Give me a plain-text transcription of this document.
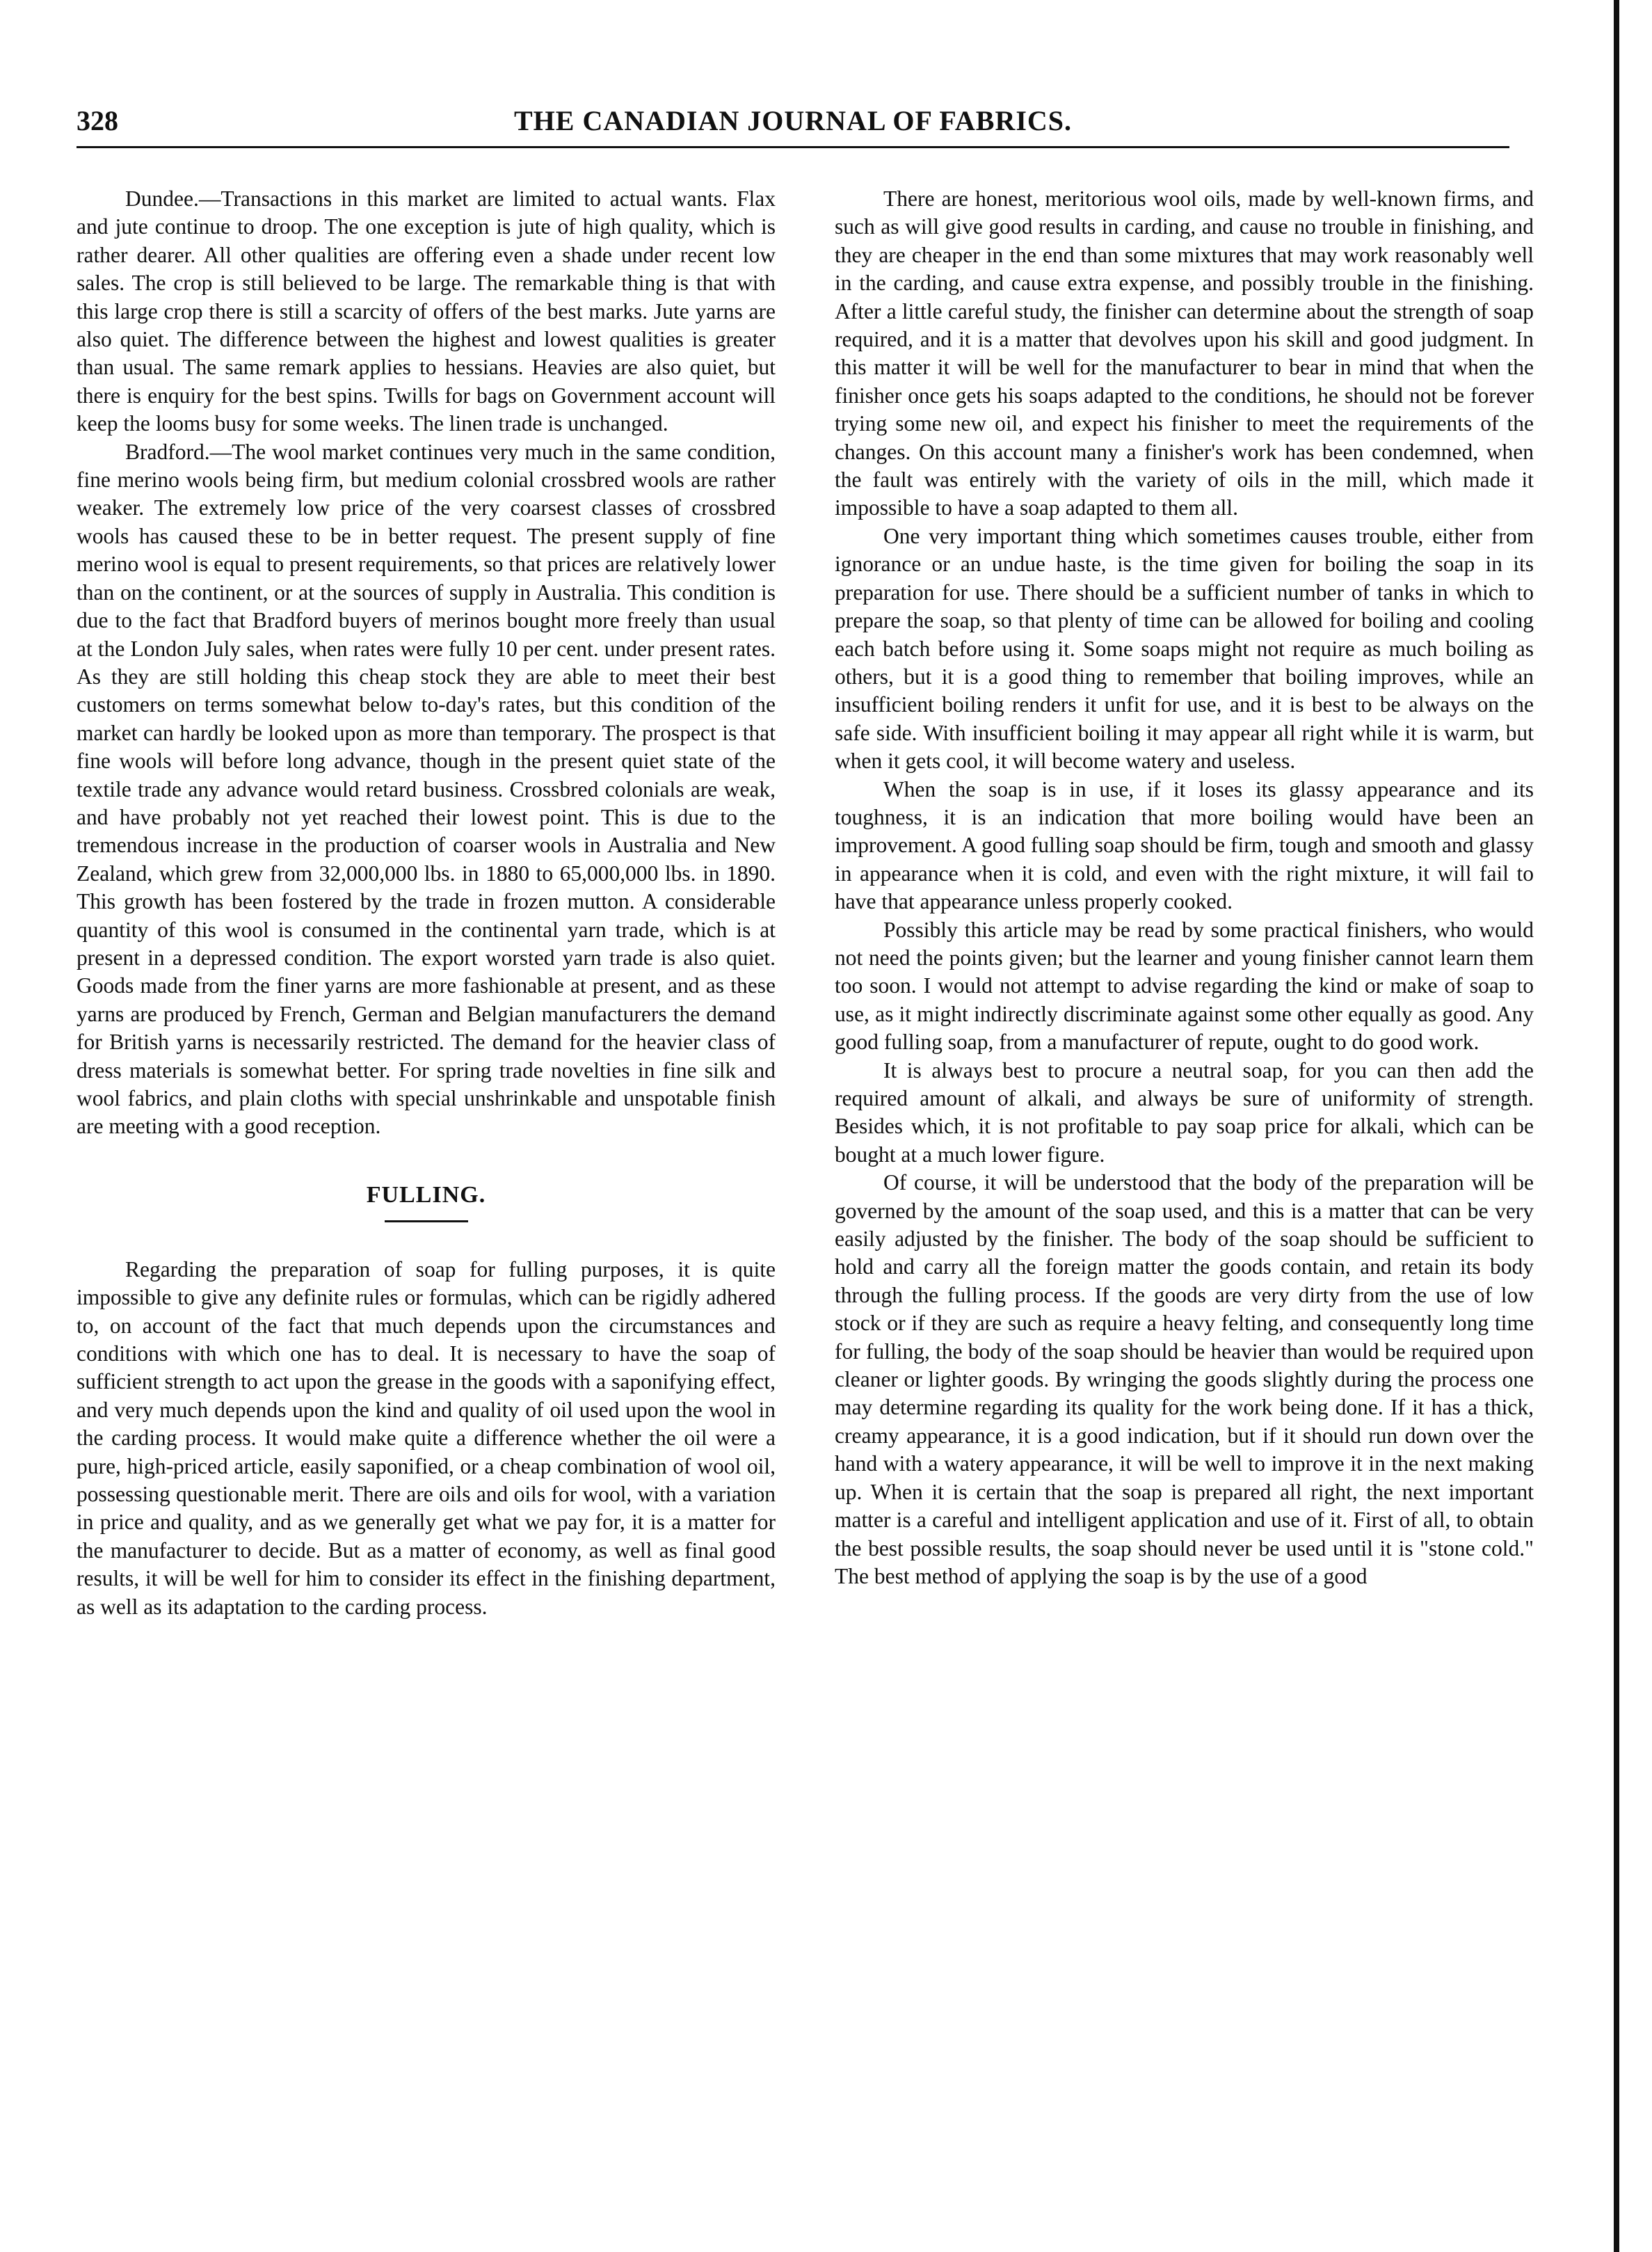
328	THE CANADIAN JOURNAL OF FABRICS.

Dundee.—Transactions in this market are limited to actual wants. Flax and jute continue to droop. The one exception is jute of high quality, which is rather dearer. All other qualities are offering even a shade under recent low sales. The crop is still believed to be large. The remarkable thing is that with this large crop there is still a scarcity of offers of the best marks. Jute yarns are also quiet. The difference between the highest and lowest qualities is greater than usual. The same remark applies to hessians. Heavies are also quiet, but there is enquiry for the best spins. Twills for bags on Government account will keep the looms busy for some weeks. The linen trade is unchanged.

Bradford.—The wool market continues very much in the same condition, fine merino wools being firm, but medium colonial crossbred wools are rather weaker. The extremely low price of the very coarsest classes of crossbred wools has caused these to be in better request. The present supply of fine merino wool is equal to present requirements, so that prices are relatively lower than on the continent, or at the sources of supply in Australia. This condition is due to the fact that Bradford buyers of merinos bought more freely than usual at the London July sales, when rates were fully 10 per cent. under present rates. As they are still holding this cheap stock they are able to meet their best customers on terms somewhat below to-day's rates, but this condition of the market can hardly be looked upon as more than temporary. The prospect is that fine wools will before long advance, though in the present quiet state of the textile trade any advance would retard business. Crossbred colonials are weak, and have probably not yet reached their lowest point. This is due to the tremendous increase in the production of coarser wools in Australia and New Zealand, which grew from 32,000,000 lbs. in 1880 to 65,000,000 lbs. in 1890. This growth has been fostered by the trade in frozen mutton. A considerable quantity of this wool is consumed in the continental yarn trade, which is at present in a depressed condition. The export worsted yarn trade is also quiet. Goods made from the finer yarns are more fashionable at present, and as these yarns are produced by French, German and Belgian manufacturers the demand for British yarns is necessarily restricted. The demand for the heavier class of dress materials is somewhat better. For spring trade novelties in fine silk and wool fabrics, and plain cloths with special unshrinkable and unspotable finish are meeting with a good reception.

FULLING.

Regarding the preparation of soap for fulling purposes, it is quite impossible to give any definite rules or formulas, which can be rigidly adhered to, on account of the fact that much depends upon the circumstances and conditions with which one has to deal. It is necessary to have the soap of sufficient strength to act upon the grease in the goods with a saponifying effect, and very much depends upon the kind and quality of oil used upon the wool in the carding process. It would make quite a difference whether the oil were a pure, high-priced article, easily saponified, or a cheap combination of wool oil, possessing questionable merit. There are oils and oils for wool, with a variation in price and quality, and as we generally get what we pay for, it is a matter for the manufacturer to decide. But as a matter of economy, as well as final good results, it will be well for him to consider its effect in the finishing department, as well as its adaptation to the carding process.

There are honest, meritorious wool oils, made by well-known firms, and such as will give good results in carding, and cause no trouble in finishing, and they are cheaper in the end than some mixtures that may work reasonably well in the carding, and cause extra expense, and possibly trouble in the finishing. After a little careful study, the finisher can determine about the strength of soap required, and it is a matter that devolves upon his skill and good judgment. In this matter it will be well for the manufacturer to bear in mind that when the finisher once gets his soaps adapted to the conditions, he should not be forever trying some new oil, and expect his finisher to meet the requirements of the changes. On this account many a finisher's work has been condemned, when the fault was entirely with the variety of oils in the mill, which made it impossible to have a soap adapted to them all.

One very important thing which sometimes causes trouble, either from ignorance or an undue haste, is the time given for boiling the soap in its preparation for use. There should be a sufficient number of tanks in which to prepare the soap, so that plenty of time can be allowed for boiling and cooling each batch before using it. Some soaps might not require as much boiling as others, but it is a good thing to remember that boiling improves, while an insufficient boiling renders it unfit for use, and it is best to be always on the safe side. With insufficient boiling it may appear all right while it is warm, but when it gets cool, it will become watery and useless.

When the soap is in use, if it loses its glassy appearance and its toughness, it is an indication that more boiling would have been an improvement. A good fulling soap should be firm, tough and smooth and glassy in appearance when it is cold, and even with the right mixture, it will fail to have that appearance unless properly cooked.

Possibly this article may be read by some practical finishers, who would not need the points given; but the learner and young finisher cannot learn them too soon. I would not attempt to advise regarding the kind or make of soap to use, as it might indirectly discriminate against some other equally as good. Any good fulling soap, from a manufacturer of repute, ought to do good work.

It is always best to procure a neutral soap, for you can then add the required amount of alkali, and always be sure of uniformity of strength. Besides which, it is not profitable to pay soap price for alkali, which can be bought at a much lower figure.

Of course, it will be understood that the body of the preparation will be governed by the amount of the soap used, and this is a matter that can be very easily adjusted by the finisher. The body of the soap should be sufficient to hold and carry all the foreign matter the goods contain, and retain its body through the fulling process. If the goods are very dirty from the use of low stock or if they are such as require a heavy felting, and consequently long time for fulling, the body of the soap should be heavier than would be required upon cleaner or lighter goods. By wringing the goods slightly during the process one may determine regarding its quality for the work being done. If it has a thick, creamy appearance, it is a good indication, but if it should run down over the hand with a watery appearance, it will be well to improve it in the next making up. When it is certain that the soap is prepared all right, the next important matter is a careful and intelligent application and use of it. First of all, to obtain the best possible results, the soap should never be used until it is "stone cold." The best method of applying the soap is by the use of a good
